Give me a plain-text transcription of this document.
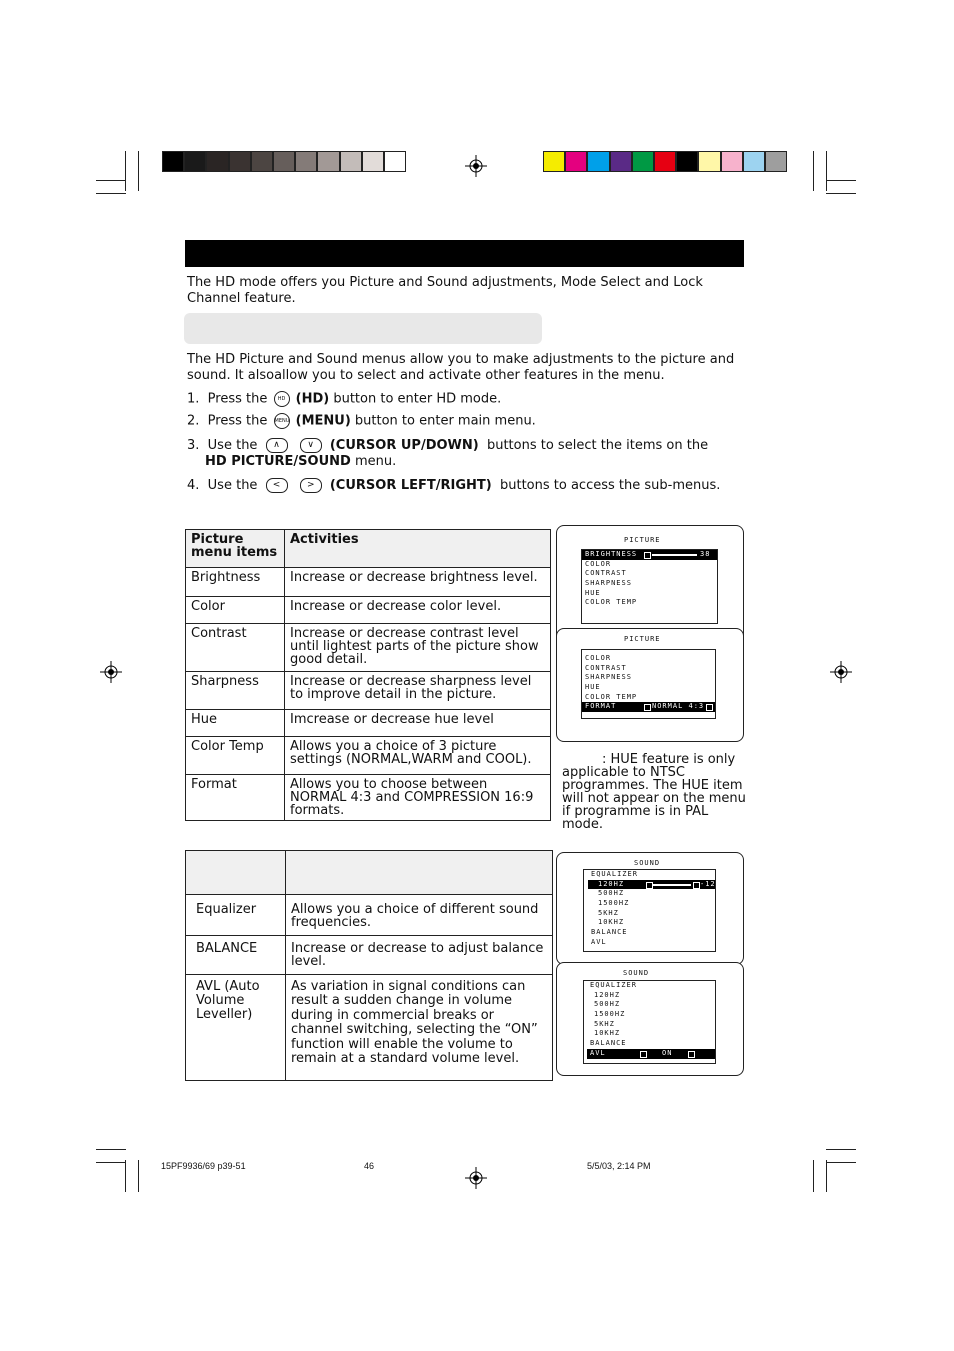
The HD mode offers you Picture and Sound adjustments, Mode Select and Lock Channel feature.
The HD Picture and Sound menus allow you to make adjustments to the picture and sound. It alsoallow you to select and activate other features in the menu.
1. Press the HD (HD) button to enter HD mode.
2. Press the MENU (MENU) button to enter main menu.
3. Use the ∧	∨ (CURSOR UP/DOWN) buttons to select the items on the
HD PICTURE/SOUND menu.
4. Use the <	> (CURSOR LEFT/RIGHT) buttons to access the sub-menus.
Picture menu items	Activities
Brightness	Increase or decrease brightness level.
Color	Increase or decrease color level.
Contrast	Increase or decrease contrast level until lightest parts of the picture show good detail.
Sharpness	Increase or decrease sharpness level to improve detail in the picture.
Hue	Imcrease or decrease hue level
Color Temp	Allows you a choice of 3 picture settings (NORMAL,WARM and COOL).
Format	Allows you to choose between NORMAL 4:3 and COMPRESSION 16:9 formats.

Equalizer	Allows you a choice of different sound frequencies.
BALANCE	Increase or decrease to adjust balance level.
AVL (Auto Volume Leveller)	As variation in signal conditions can result a sudden change in volume during in commercial breaks or channel switching, selecting the “ON” function will enable the volume to remain at a standard volume level.
PICTURE
BRIGHTNESS	38
COLOR
CONTRAST
SHARPNESS
HUE
COLOR TEMP
PICTURE
COLOR
CONTRAST
SHARPNESS
HUE
COLOR TEMP
FORMAT	NORMAL 4:3
: HUE feature is only applicable to NTSC programmes. The HUE item will not appear on the menu if programme is in PAL mode.
SOUND
EQUALIZER
120HZ	-12
500HZ
1500HZ
5KHZ
10KHZ
BALANCE
AVL
SOUND
EQUALIZER
120HZ
500HZ
1500HZ
5KHZ
10KHZ
BALANCE
AVL	ON
15PF9936/69 p39-51	46	5/5/03, 2:14 PM
